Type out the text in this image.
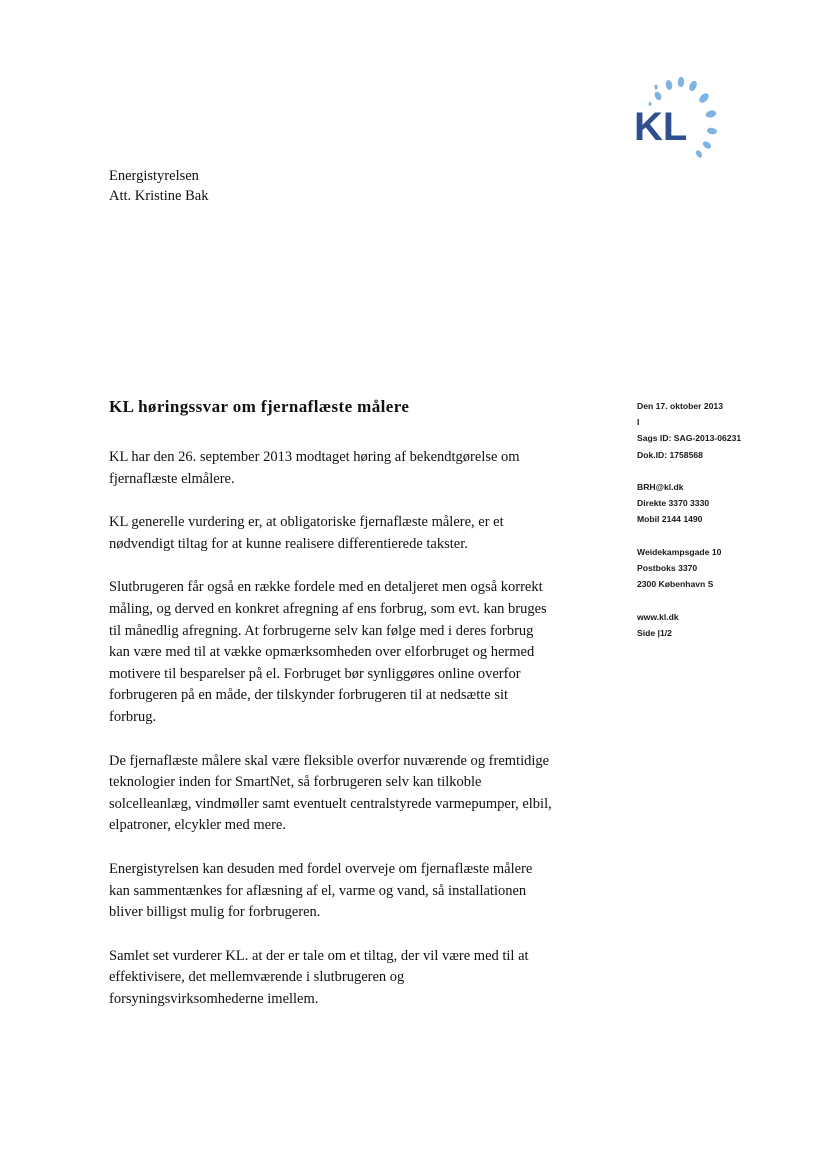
KL
Energistyrelsen
Att. Kristine Bak
KL høringssvar om fjernaflæste målere

KL har den 26. september 2013 modtaget høring af bekendtgørelse om
fjernaflæste elmålere.

KL generelle vurdering er, at obligatoriske fjernaflæste målere, er et
nødvendigt tiltag for at kunne realisere differentierede takster.

Slutbrugeren får også en række fordele med en detaljeret men også korrekt
måling, og derved en konkret afregning af ens forbrug, som evt. kan bruges
til månedlig afregning. At forbrugerne selv kan følge med i deres forbrug
kan være med til at vække opmærksomheden over elforbruget og hermed
motivere til besparelser på el. Forbruget bør synliggøres online overfor
forbrugeren på en måde, der tilskynder forbrugeren til at nedsætte sit
forbrug.

De fjernaflæste målere skal være fleksible overfor nuværende og fremtidige
teknologier inden for SmartNet, så forbrugeren selv kan tilkoble
solcelleanlæg, vindmøller samt eventuelt centralstyrede varmepumper, elbil,
elpatroner, elcykler med mere.

Energistyrelsen kan desuden med fordel overveje om fjernaflæste målere
kan sammentænkes for aflæsning af el, varme og vand, så installationen
bliver billigst mulig for forbrugeren.

Samlet set vurderer KL. at der er tale om et tiltag, der vil være med til at
effektivisere, det mellemværende i slutbrugeren og
forsyningsvirksomhederne imellem.

Den 17. oktober 2013
I
Sags ID: SAG-2013-06231
Dok.ID: 1758568
BRH@kl.dk
Direkte 3370 3330
Mobil 2144 1490
Weidekampsgade 10
Postboks 3370
2300 København S
www.kl.dk
Side |1/2
